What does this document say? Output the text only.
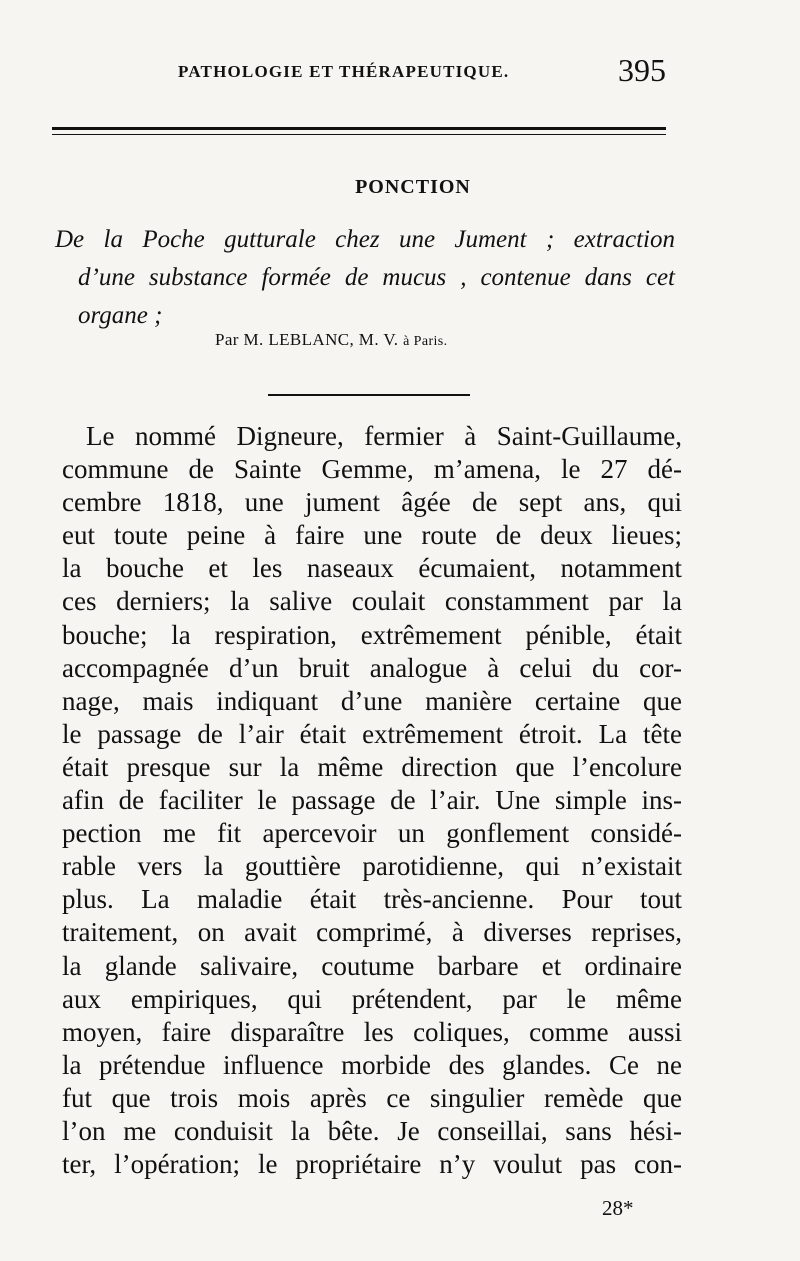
PATHOLOGIE ET THÉRAPEUTIQUE.	395
PONCTION
De la Poche gutturale chez une Jument ; extraction
d’une substance formée de mucus , contenue dans cet
organe ;
Par M. LEBLANC, M. V. à Paris.
Le nommé Digneure, fermier à Saint-Guillaume,
commune de Sainte Gemme, m’amena, le 27 dé-
cembre 1818, une jument âgée de sept ans, qui
eut toute peine à faire une route de deux lieues;
la bouche et les naseaux écumaient, notamment
ces derniers; la salive coulait constamment par la
bouche; la respiration, extrêmement pénible, était
accompagnée d’un bruit analogue à celui du cor-
nage, mais indiquant d’une manière certaine que
le passage de l’air était extrêmement étroit. La tête
était presque sur la même direction que l’encolure
afin de faciliter le passage de l’air. Une simple ins-
pection me fit apercevoir un gonflement considé-
rable vers la gouttière parotidienne, qui n’existait
plus. La maladie était très-ancienne. Pour tout
traitement, on avait comprimé, à diverses reprises,
la glande salivaire, coutume barbare et ordinaire
aux empiriques, qui prétendent, par le même
moyen, faire disparaître les coliques, comme aussi
la prétendue influence morbide des glandes. Ce ne
fut que trois mois après ce singulier remède que
l’on me conduisit la bête. Je conseillai, sans hési-
ter, l’opération; le propriétaire n’y voulut pas con-
28*
